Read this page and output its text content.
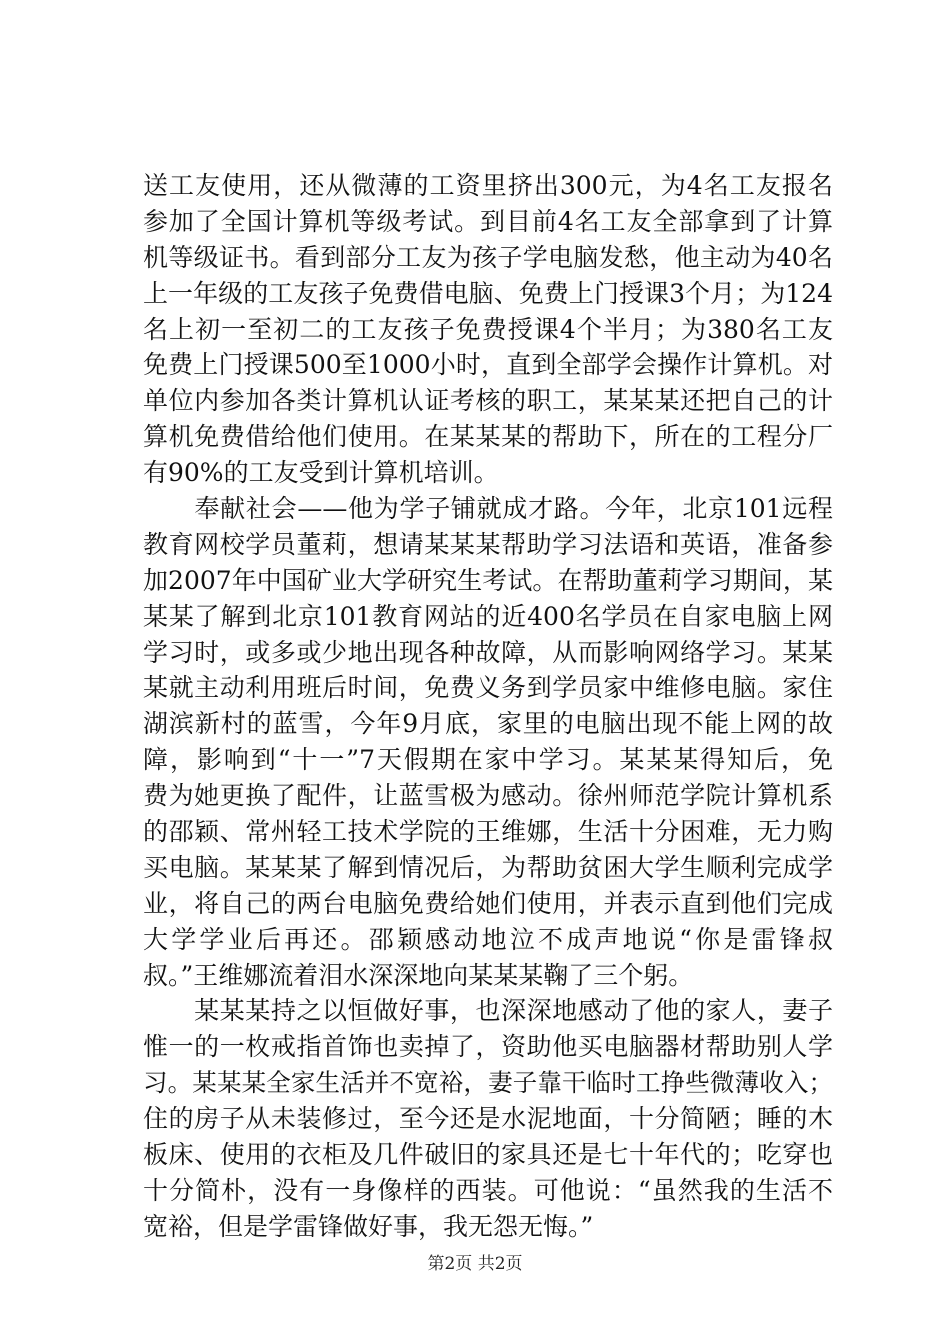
送工友使用，还从微薄的工资里挤出300元，为4名工友报名
参加了全国计算机等级考试。到目前4名工友全部拿到了计算
机等级证书。看到部分工友为孩子学电脑发愁，他主动为40名
上一年级的工友孩子免费借电脑、免费上门授课3个月；为124
名上初一至初二的工友孩子免费授课4个半月；为380名工友
免费上门授课500至1000小时，直到全部学会操作计算机。对
单位内参加各类计算机认证考核的职工，某某某还把自己的计
算机免费借给他们使用。在某某某的帮助下，所在的工程分厂
有90%的工友受到计算机培训。
　　奉献社会——他为学子铺就成才路。今年，北京101远程
教育网校学员董莉，想请某某某帮助学习法语和英语，准备参
加2007年中国矿业大学研究生考试。在帮助董莉学习期间，某
某某了解到北京101教育网站的近400名学员在自家电脑上网
学习时，或多或少地出现各种故障，从而影响网络学习。某某
某就主动利用班后时间，免费义务到学员家中维修电脑。家住
湖滨新村的蓝雪，今年9月底，家里的电脑出现不能上网的故
障，影响到“十一”7天假期在家中学习。某某某得知后，免
费为她更换了配件，让蓝雪极为感动。徐州师范学院计算机系
的邵颖、常州轻工技术学院的王维娜，生活十分困难，无力购
买电脑。某某某了解到情况后，为帮助贫困大学生顺利完成学
业，将自己的两台电脑免费给她们使用，并表示直到他们完成
大学学业后再还。邵颖感动地泣不成声地说“你是雷锋叔
叔。”王维娜流着泪水深深地向某某某鞠了三个躬。
　　某某某持之以恒做好事，也深深地感动了他的家人，妻子
惟一的一枚戒指首饰也卖掉了，资助他买电脑器材帮助别人学
习。某某某全家生活并不宽裕，妻子靠干临时工挣些微薄收入；
住的房子从未装修过，至今还是水泥地面，十分简陋；睡的木
板床、使用的衣柜及几件破旧的家具还是七十年代的；吃穿也
十分简朴，没有一身像样的西装。可他说：“虽然我的生活不
宽裕，但是学雷锋做好事，我无怨无悔。”
第2页 共2页
